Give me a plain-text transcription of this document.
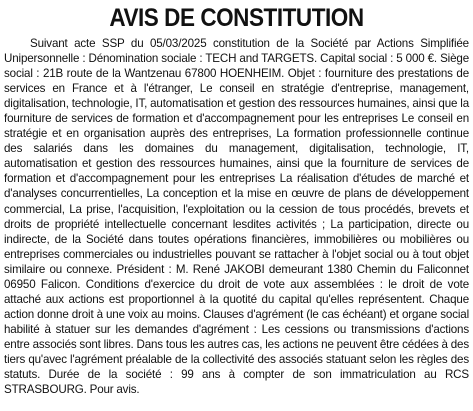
AVIS DE CONSTITUTION

Suivant acte SSP du 05/03/2025 constitution de la Société par Actions Simplifiée Unipersonnelle : Dénomination sociale : TECH and TARGETS. Capital social : 5 000 €. Siège social : 21B route de la Wantzenau 67800 HOENHEIM. Objet : fourniture des prestations de services en France et à l'étranger, Le conseil en stratégie d'entreprise, management, digitalisation, technologie, IT, automatisation et gestion des ressources humaines, ainsi que la fourniture de services de formation et d'accompagnement pour les entreprises Le conseil en stratégie et en organisation auprès des entreprises, La formation professionnelle continue des salariés dans les domaines du management, digitalisation, technologie, IT, automatisation et gestion des ressources humaines, ainsi que la fourniture de services de formation et d'accompagnement pour les entreprises La réalisation d'études de marché et d'analyses concurrentielles, La conception et la mise en œuvre de plans de développement commercial, La prise, l'acquisition, l'exploitation ou la cession de tous procédés, brevets et droits de propriété intellectuelle concernant lesdites activités ; La participation, directe ou indirecte, de la Société dans toutes opérations financières, immobilières ou mobilières ou entreprises commerciales ou industrielles pouvant se rattacher à l'objet social ou à tout objet similaire ou connexe. Président : M. René JAKOBI demeurant 1380 Chemin du Faliconnet 06950 Falicon. Conditions d'exercice du droit de vote aux assemblées : le droit de vote attaché aux actions est proportionnel à la quotité du capital qu'elles représentent. Chaque action donne droit à une voix au moins. Clauses d'agrément (le cas échéant) et organe social habilité à statuer sur les demandes d'agrément : Les cessions ou transmissions d'actions entre associés sont libres. Dans tous les autres cas, les actions ne peuvent être cédées à des tiers qu'avec l'agrément préalable de la collectivité des associés statuant selon les règles des statuts. Durée de la société : 99 ans à compter de son immatriculation au RCS STRASBOURG. Pour avis.
